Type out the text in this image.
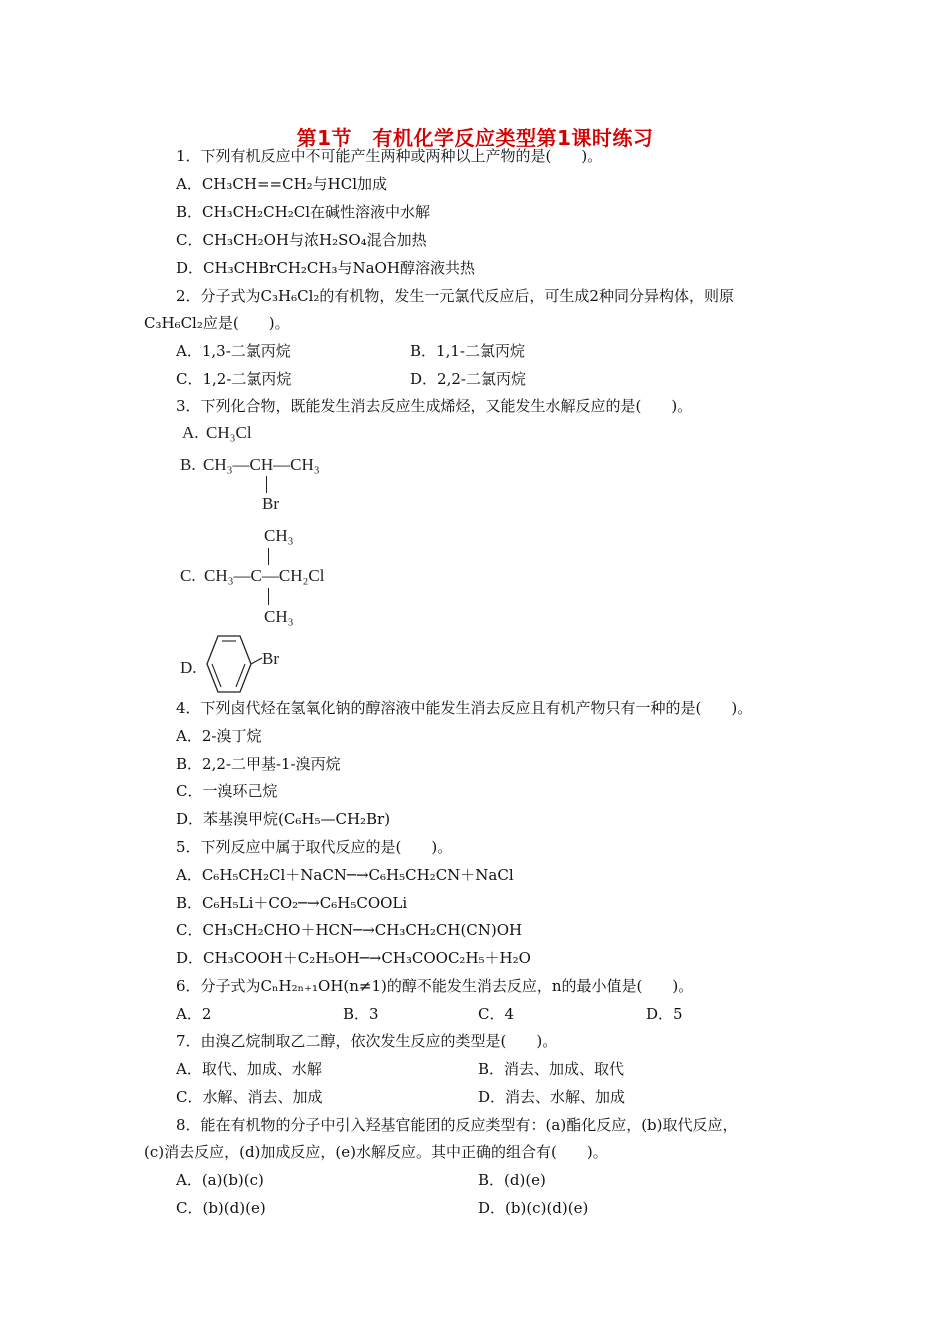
第1节　有机化学反应类型第1课时练习
1．下列有机反应中不可能产生两种或两种以上产物的是(　　)。
A．CH₃CH==CH₂与HCl加成
B．CH₃CH₂CH₂Cl在碱性溶液中水解
C．CH₃CH₂OH与浓H₂SO₄混合加热
D．CH₃CHBrCH₂CH₃与NaOH醇溶液共热
2．分子式为C₃H₆Cl₂的有机物，发生一元氯代反应后，可生成2种同分异构体，则原
C₃H₆Cl₂应是(　　)。
A．1,3-二氯丙烷	B．1,1-二氯丙烷
C．1,2-二氯丙烷	D．2,2-二氯丙烷
3．下列化合物，既能发生消去反应生成烯烃，又能发生水解反应的是(　　)。
A. CH₃Cl
B. CH₃—CH—CH₃
Br
CH₃
C. CH₃—C—CH₂Cl
CH₃
D.	Br
4．下列卤代烃在氢氧化钠的醇溶液中能发生消去反应且有机产物只有一种的是(　　)。
A．2-溴丁烷
B．2,2-二甲基-1-溴丙烷
C．一溴环己烷
D．苯基溴甲烷(C₆H₅—CH₂Br)
5．下列反应中属于取代反应的是(　　)。
A．C₆H₅CH₂Cl＋NaCN─→C₆H₅CH₂CN＋NaCl
B．C₆H₅Li＋CO₂─→C₆H₅COOLi
C．CH₃CH₂CHO＋HCN─→CH₃CH₂CH(CN)OH
D．CH₃COOH＋C₂H₅OH─→CH₃COOC₂H₅＋H₂O
6．分子式为CₙH₂ₙ₊₁OH(n≠1)的醇不能发生消去反应，n的最小值是(　　)。
A．2	B．3	C．4	D．5
7．由溴乙烷制取乙二醇，依次发生反应的类型是(　　)。
A．取代、加成、水解	B．消去、加成、取代
C．水解、消去、加成	D．消去、水解、加成
8．能在有机物的分子中引入羟基官能团的反应类型有：(a)酯化反应，(b)取代反应，
(c)消去反应，(d)加成反应，(e)水解反应。其中正确的组合有(　　)。
A．(a)(b)(c)	B．(d)(e)
C．(b)(d)(e)	D．(b)(c)(d)(e)
